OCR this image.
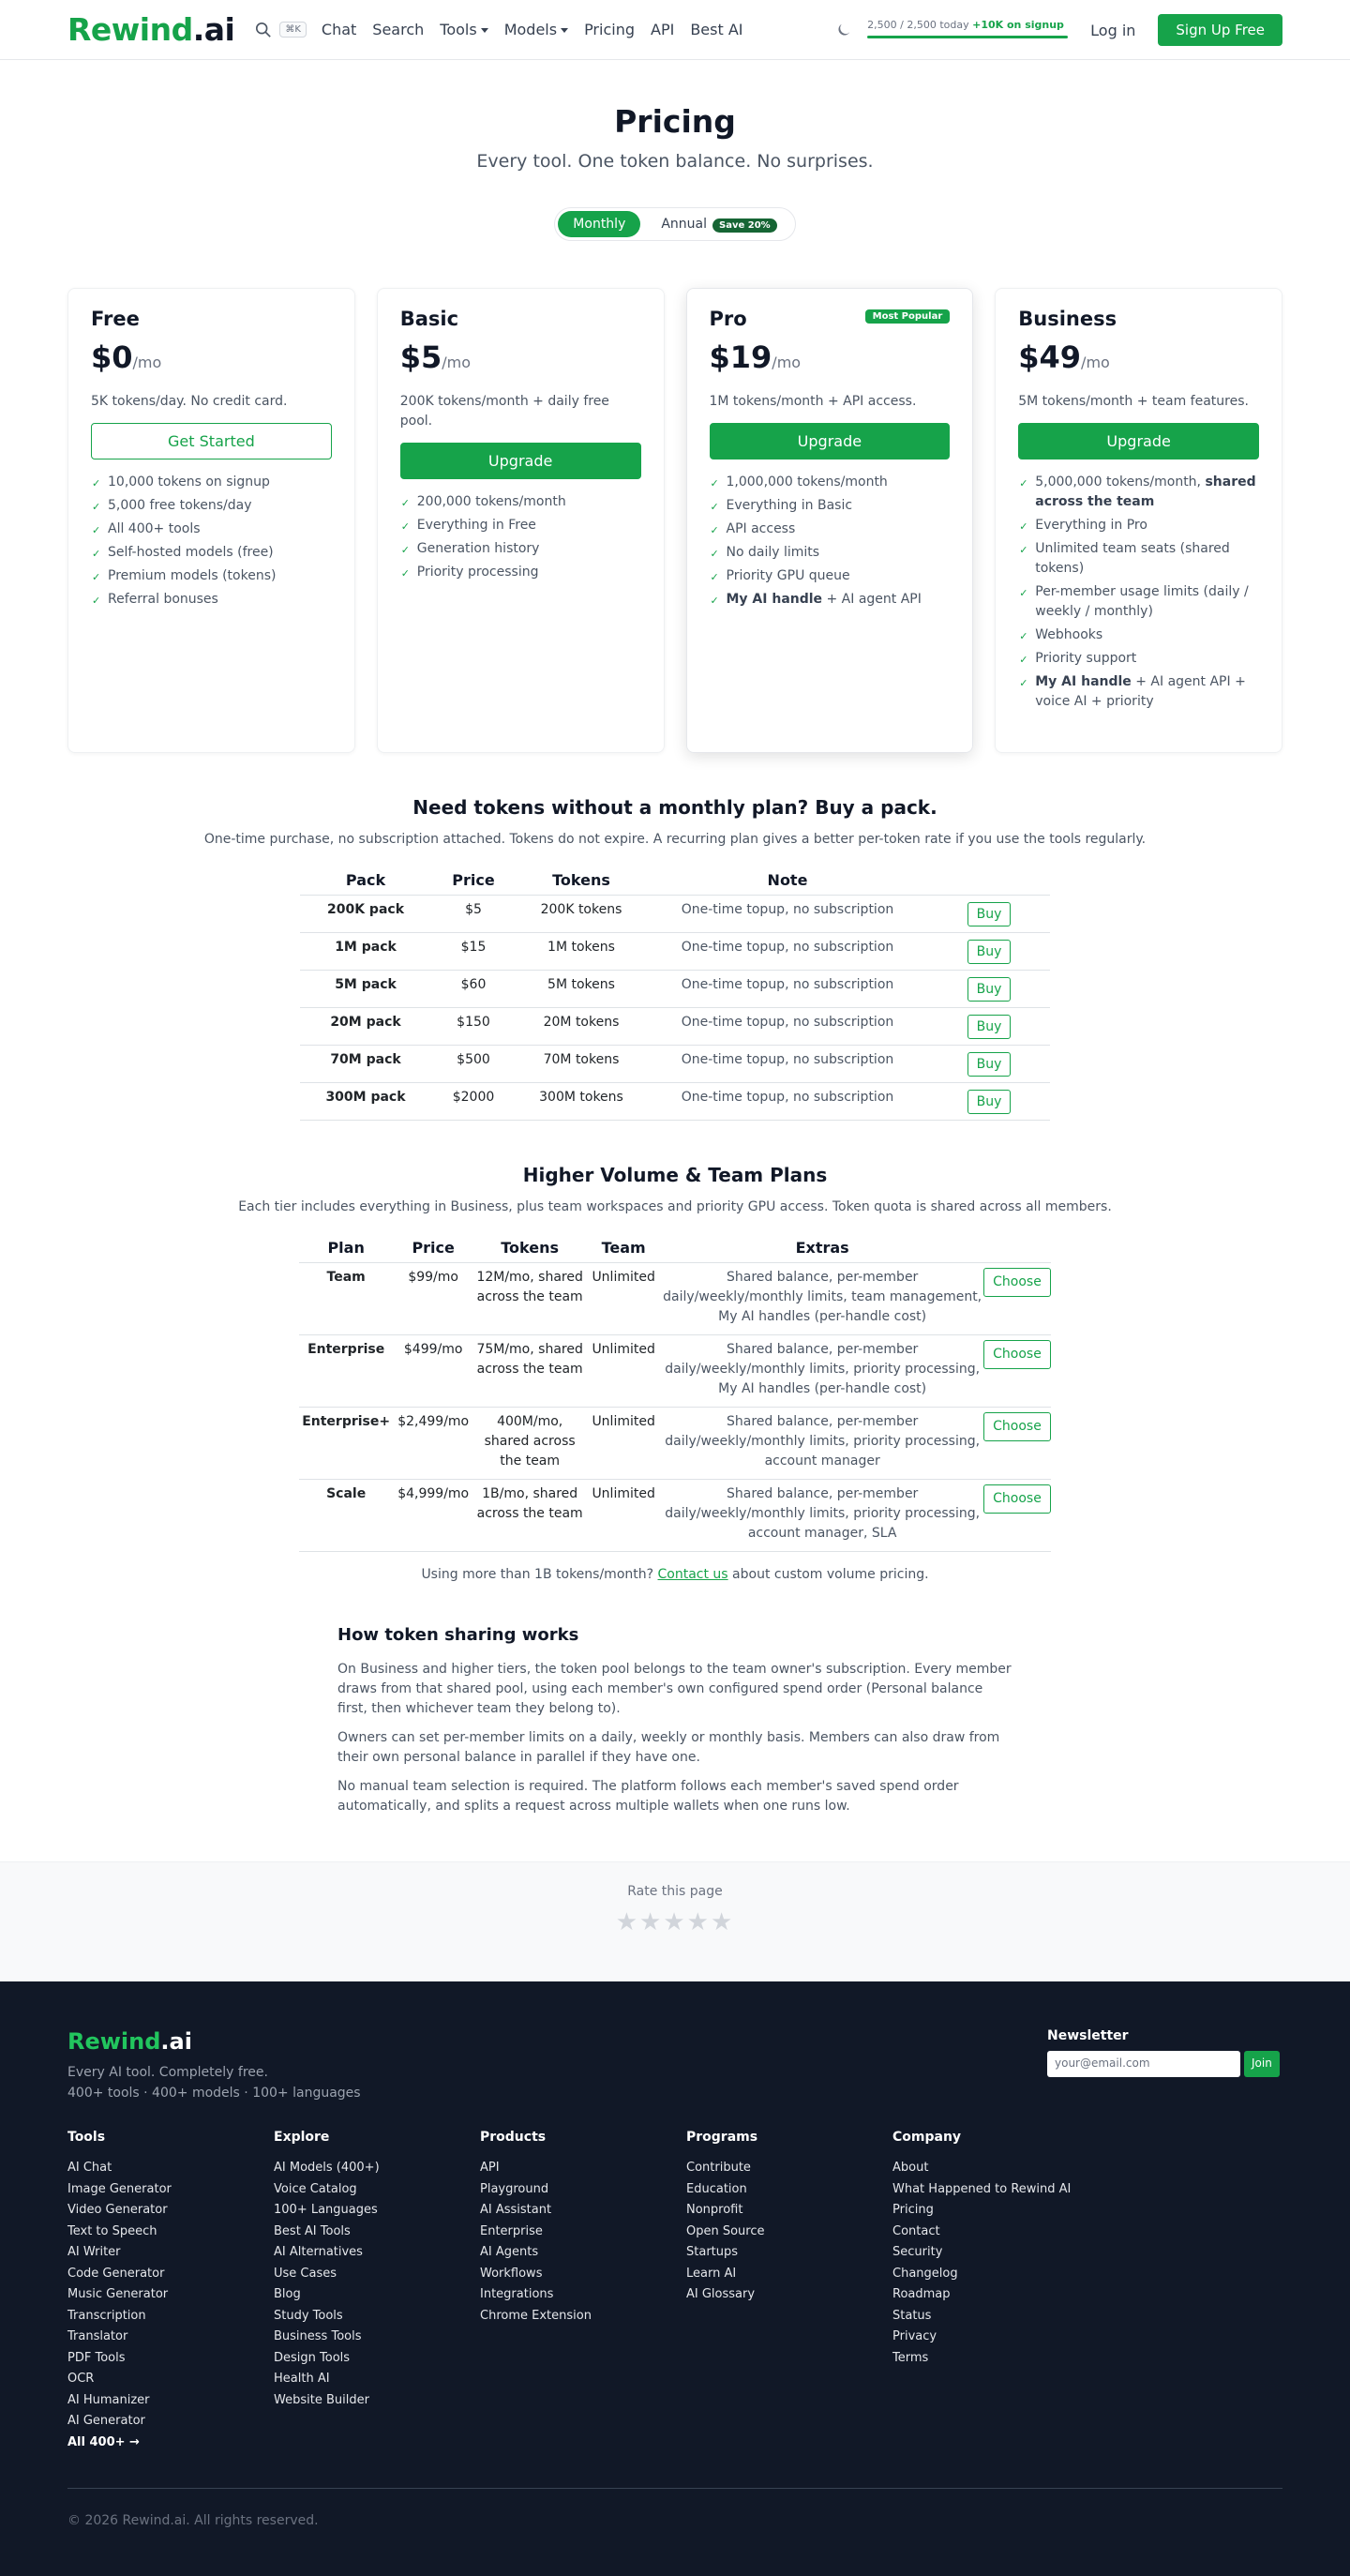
Rewind.ai	⌘K	Chat Search Tools	Models	Pricing API Best AI	2,500 / 2,500 today +10K on signup Log in	Sign Up Free
Pricing

Every tool. One token balance. No surprises.

Monthly	Annual Save 20%
Free
$0/mo
5K tokens/day. No credit card.
Get Started
✓ 10,000 tokens on signup
✓ 5,000 free tokens/day
✓ All 400+ tools
✓ Self-hosted models (free)
✓ Premium models (tokens)
✓ Referral bonuses
Basic
$5/mo
200K tokens/month + daily free pool.
Upgrade
✓ 200,000 tokens/month
✓ Everything in Free
✓ Generation history
✓ Priority processing
Most Popular
Pro
$19/mo
1M tokens/month + API access.
Upgrade
✓ 1,000,000 tokens/month
✓ Everything in Basic
✓ API access
✓ No daily limits
✓ Priority GPU queue
✓ My AI handle + AI agent API
Business
$49/mo
5M tokens/month + team features.
Upgrade
✓ 5,000,000 tokens/month, shared across the team
✓ Everything in Pro
✓ Unlimited team seats (shared tokens)
✓ Per-member usage limits (daily / weekly / monthly)
✓ Webhooks
✓ Priority support
✓ My AI handle + AI agent API + voice AI + priority
Need tokens without a monthly plan? Buy a pack.

One-time purchase, no subscription attached. Tokens do not expire. A recurring plan gives a better per-token rate if you use the tools regularly.

Pack	Price	Tokens	Note	
200K pack	$5	200K tokens	One-time topup, no subscription	Buy
1M pack	$15	1M tokens	One-time topup, no subscription	Buy
5M pack	$60	5M tokens	One-time topup, no subscription	Buy
20M pack	$150	20M tokens	One-time topup, no subscription	Buy
70M pack	$500	70M tokens	One-time topup, no subscription	Buy
300M pack	$2000	300M tokens	One-time topup, no subscription	Buy
Higher Volume & Team Plans

Each tier includes everything in Business, plus team workspaces and priority GPU access. Token quota is shared across all members.

Plan	Price	Tokens	Team	Extras	
Team	$99/mo	12M/mo, shared across the team	Unlimited	Shared balance, per-member daily/weekly/monthly limits, team management, My AI handles (per-handle cost)	Choose
Enterprise	$499/mo	75M/mo, shared across the team	Unlimited	Shared balance, per-member daily/weekly/monthly limits, priority processing, My AI handles (per-handle cost)	Choose
Enterprise+	$2,499/mo	400M/mo, shared across the team	Unlimited	Shared balance, per-member daily/weekly/monthly limits, priority processing, account manager	Choose
Scale	$4,999/mo	1B/mo, shared across the team	Unlimited	Shared balance, per-member daily/weekly/monthly limits, priority processing, account manager, SLA	Choose

Using more than 1B tokens/month? Contact us about custom volume pricing.

How token sharing works

On Business and higher tiers, the token pool belongs to the team owner's subscription. Every member draws from that shared pool, using each member's own configured spend order (Personal balance first, then whichever team they belong to).

Owners can set per-member limits on a daily, weekly or monthly basis. Members can also draw from their own personal balance in parallel if they have one.

No manual team selection is required. The platform follows each member's saved spend order automatically, and splits a request across multiple wallets when one runs low.

Rate this page
★★★★★
Rewind.ai
Every AI tool. Completely free.
400+ tools · 400+ models · 100+ languages
Newsletter
your@email.com	Join
Tools
AI Chat
Image Generator
Video Generator
Text to Speech
AI Writer
Code Generator
Music Generator
Transcription
Translator
PDF Tools
OCR
AI Humanizer
AI Generator
All 400+ →
Explore
AI Models (400+)
Voice Catalog
100+ Languages
Best AI Tools
AI Alternatives
Use Cases
Blog
Study Tools
Business Tools
Design Tools
Health AI
Website Builder
Products
API
Playground
AI Assistant
Enterprise
AI Agents
Workflows
Integrations
Chrome Extension
Programs
Contribute
Education
Nonprofit
Open Source
Startups
Learn AI
AI Glossary
Company
About
What Happened to Rewind AI
Pricing
Contact
Security
Changelog
Roadmap
Status
Privacy
Terms
© 2026 Rewind.ai. All rights reserved.
